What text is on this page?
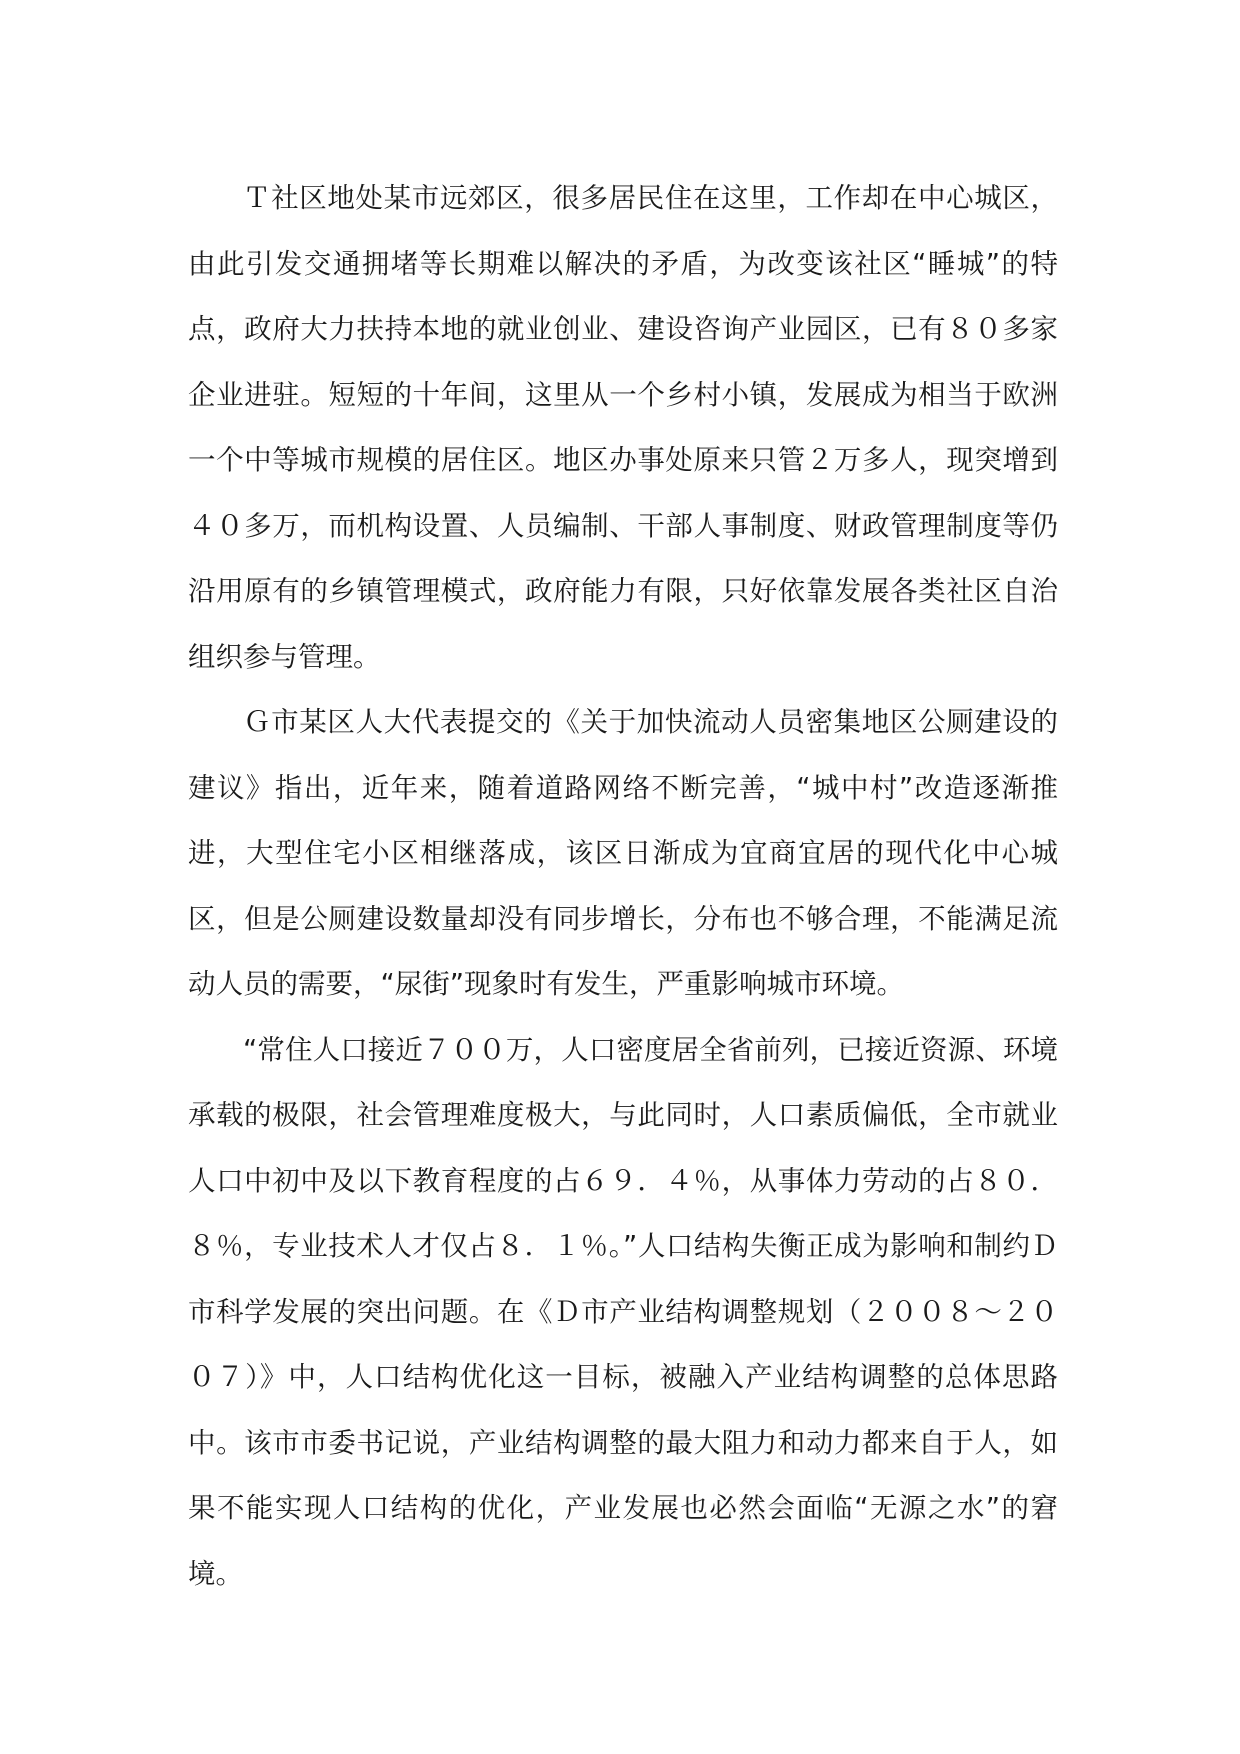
Ｔ社区地处某市远郊区，很多居民住在这里，工作却在中心城区，由此引发交通拥堵等长期难以解决的矛盾，为改变该社区“睡城”的特点，政府大力扶持本地的就业创业、建设咨询产业园区，已有８０多家企业进驻。短短的十年间，这里从一个乡村小镇，发展成为相当于欧洲一个中等城市规模的居住区。地区办事处原来只管２万多人，现突增到４０多万，而机构设置、人员编制、干部人事制度、财政管理制度等仍沿用原有的乡镇管理模式，政府能力有限，只好依靠发展各类社区自治组织参与管理。

Ｇ市某区人大代表提交的《关于加快流动人员密集地区公厕建设的建议》指出，近年来，随着道路网络不断完善，“城中村”改造逐渐推进，大型住宅小区相继落成，该区日渐成为宜商宜居的现代化中心城区，但是公厕建设数量却没有同步增长，分布也不够合理，不能满足流动人员的需要，“尿街”现象时有发生，严重影响城市环境。

“常住人口接近７００万，人口密度居全省前列，已接近资源、环境承载的极限，社会管理难度极大，与此同时，人口素质偏低，全市就业人口中初中及以下教育程度的占６９．４％，从事体力劳动的占８０．８％，专业技术人才仅占８．１％。”人口结构失衡正成为影响和制约Ｄ市科学发展的突出问题。在《Ｄ市产业结构调整规划（２００８～２００７）》中，人口结构优化这一目标，被融入产业结构调整的总体思路中。该市市委书记说，产业结构调整的最大阻力和动力都来自于人，如果不能实现人口结构的优化，产业发展也必然会面临“无源之水”的窘境。
